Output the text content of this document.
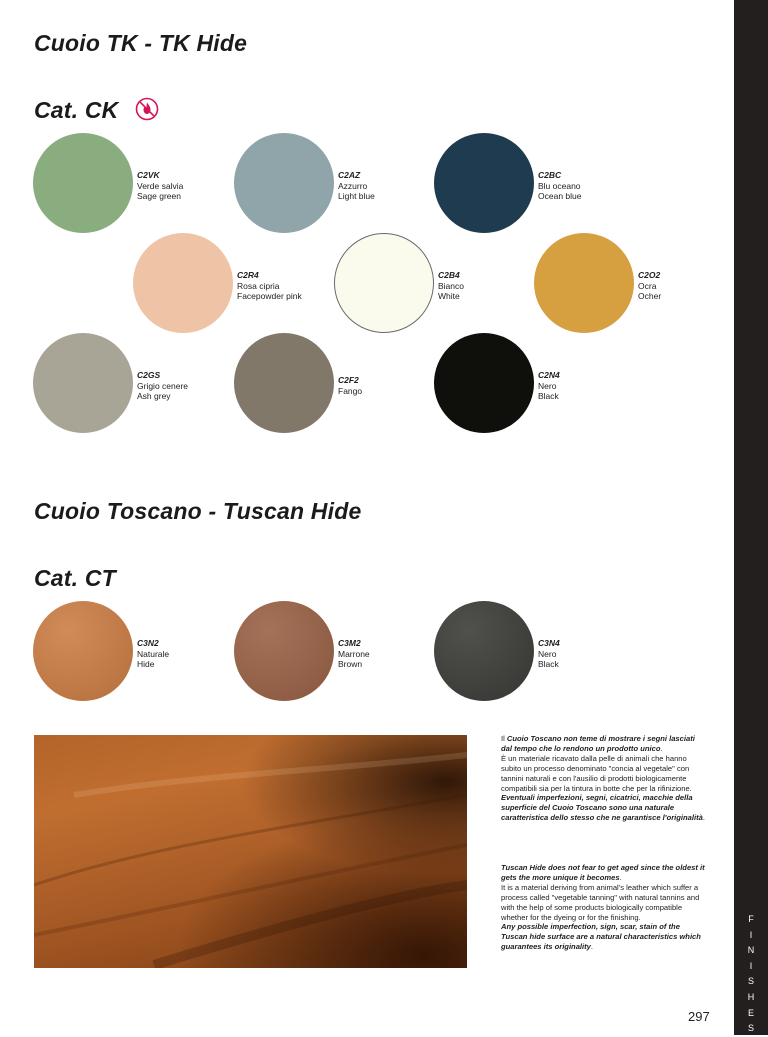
Cuoio TK - TK Hide
Cat. CK
C2VK
Verde salvia
Sage green
C2AZ
Azzurro
Light blue
C2BC
Blu oceano
Ocean blue
C2R4
Rosa cipria
Facepowder pink
C2B4
Bianco
White
C2O2
Ocra
Ocher
C2GS
Grigio cenere
Ash grey
C2F2
Fango
C2N4
Nero
Black
Cuoio Toscano - Tuscan Hide
Cat. CT
C3N2
Naturale
Hide
C3M2
Marrone
Brown
C3N4
Nero
Black
Il Cuoio Toscano non teme di mostrare i segni lasciati dal tempo che lo rendono un prodotto unico.
È un materiale ricavato dalla pelle di animali che hanno subito un processo denominato "concia al vegetale" con tannini naturali e con l'ausilio di prodotti biologicamente compatibili sia per la tintura in botte che per la rifinizione.
Eventuali imperfezioni, segni, cicatrici, macchie della superficie del Cuoio Toscano sono una naturale caratteristica dello stesso che ne garantisce l'originalità.
Tuscan Hide does not fear to get aged since the oldest it gets the more unique it becomes.
It is a material deriving from animal's leather which suffer a process called "vegetable tanning" with natural tannins and with the help of some products biologically compatible whether for the dyeing or for the finishing.
Any possible imperfection, sign, scar, stain of the Tuscan hide surface are a natural characteristics which guarantees its originality.
F
I
N
I
S
H
E
S
297
